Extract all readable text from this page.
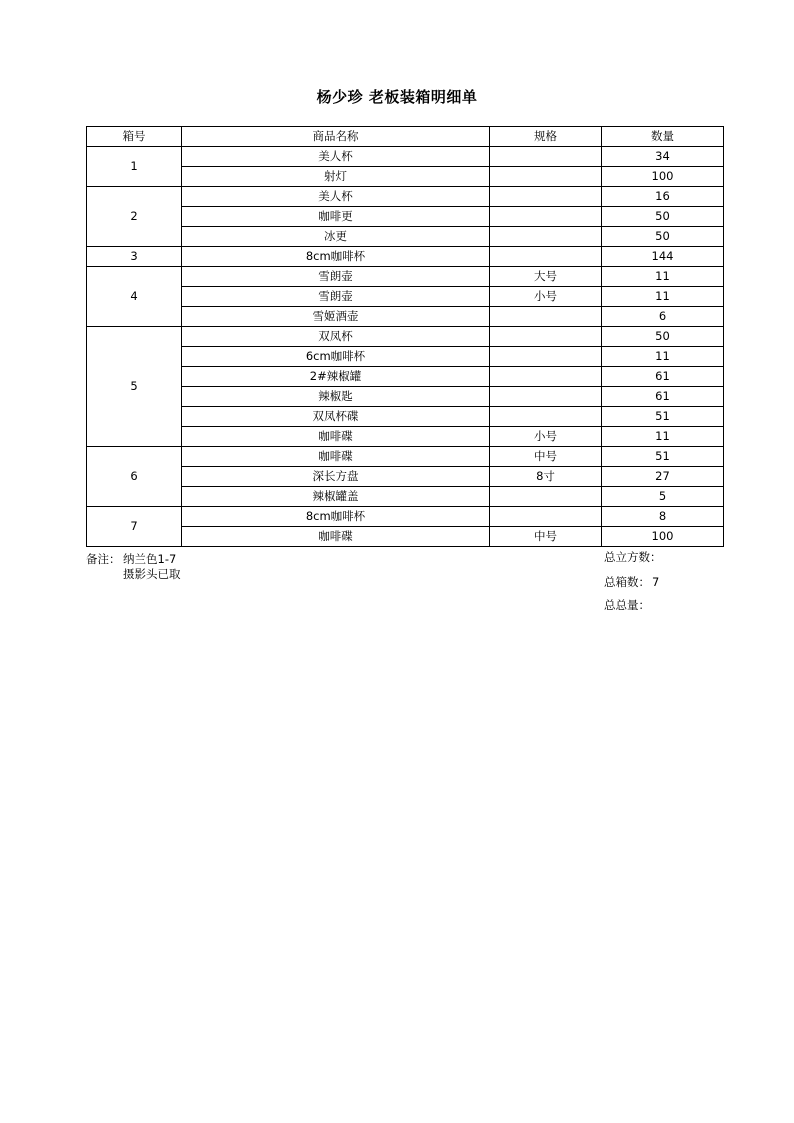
杨少珍 老板装箱明细单
箱号	商品名称	规格	数量
1	美人杯		34
	射灯		100
2	美人杯		16
	咖啡更		50
	冰更		50
3	8cm咖啡杯		144
4	雪朗壶	大号	11
	雪朗壶	小号	11
	雪姬酒壶		6
5	双凤杯		50
	6cm咖啡杯		11
	2#辣椒罐		61
	辣椒匙		61
	双凤杯碟		51
	咖啡碟	小号	11
6	咖啡碟	中号	51
	深长方盘	8寸	27
	辣椒罐盖		5
7	8cm咖啡杯		8
	咖啡碟	中号	100
备注： 纳兰色1-7
摄影头已取
总立方数：
总箱数： 7
总总量：
